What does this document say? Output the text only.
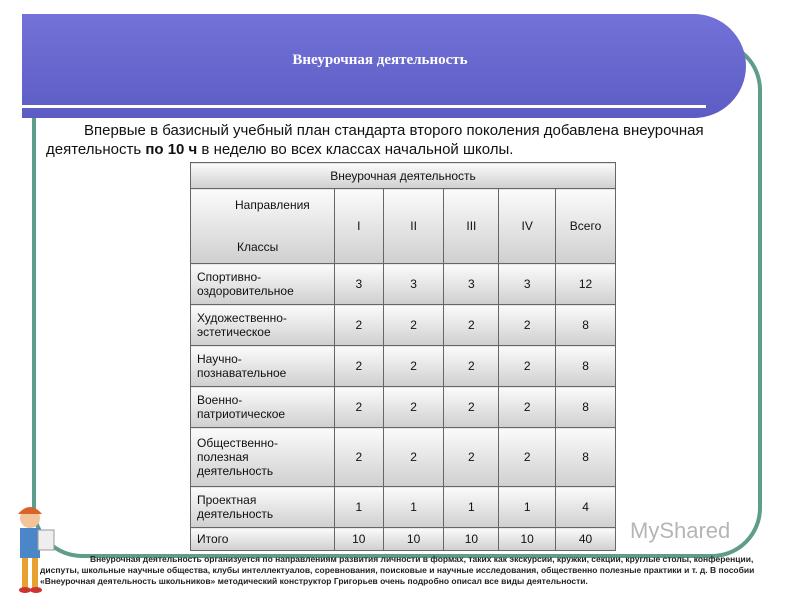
Внеурочная деятельность
Впервые в базисный учебный план стандарта второго поколения добавлена внеурочная деятельность по 10 ч в неделю во всех классах начальной школы.
Внеурочная деятельность					

Направления
Классы	I	II	III	IV	Всего
Спортивно-оздоровительное	3	3	3	3	12
Художественно-эстетическое	2	2	2	2	8
Научно-познавательное	2	2	2	2	8
Военно-патриотическое	2	2	2	2	8
Общественно-полезная деятельность	2	2	2	2	8
Проектная деятельность	1	1	1	1	4
Итого	10	10	10	10	40
Внеурочная деятельность организуется по направлениям развития личности в формах, таких как экскурсии, кружки, секции, круглые столы, конференции, диспуты, школьные научные общества, клубы интеллектуалов, соревнования, поисковые и научные исследования, общественно полезные практики и т. д. В пособии «Внеурочная деятельность школьников» методический конструктор Григорьев очень подробно описал все виды деятельности.
MyShared
